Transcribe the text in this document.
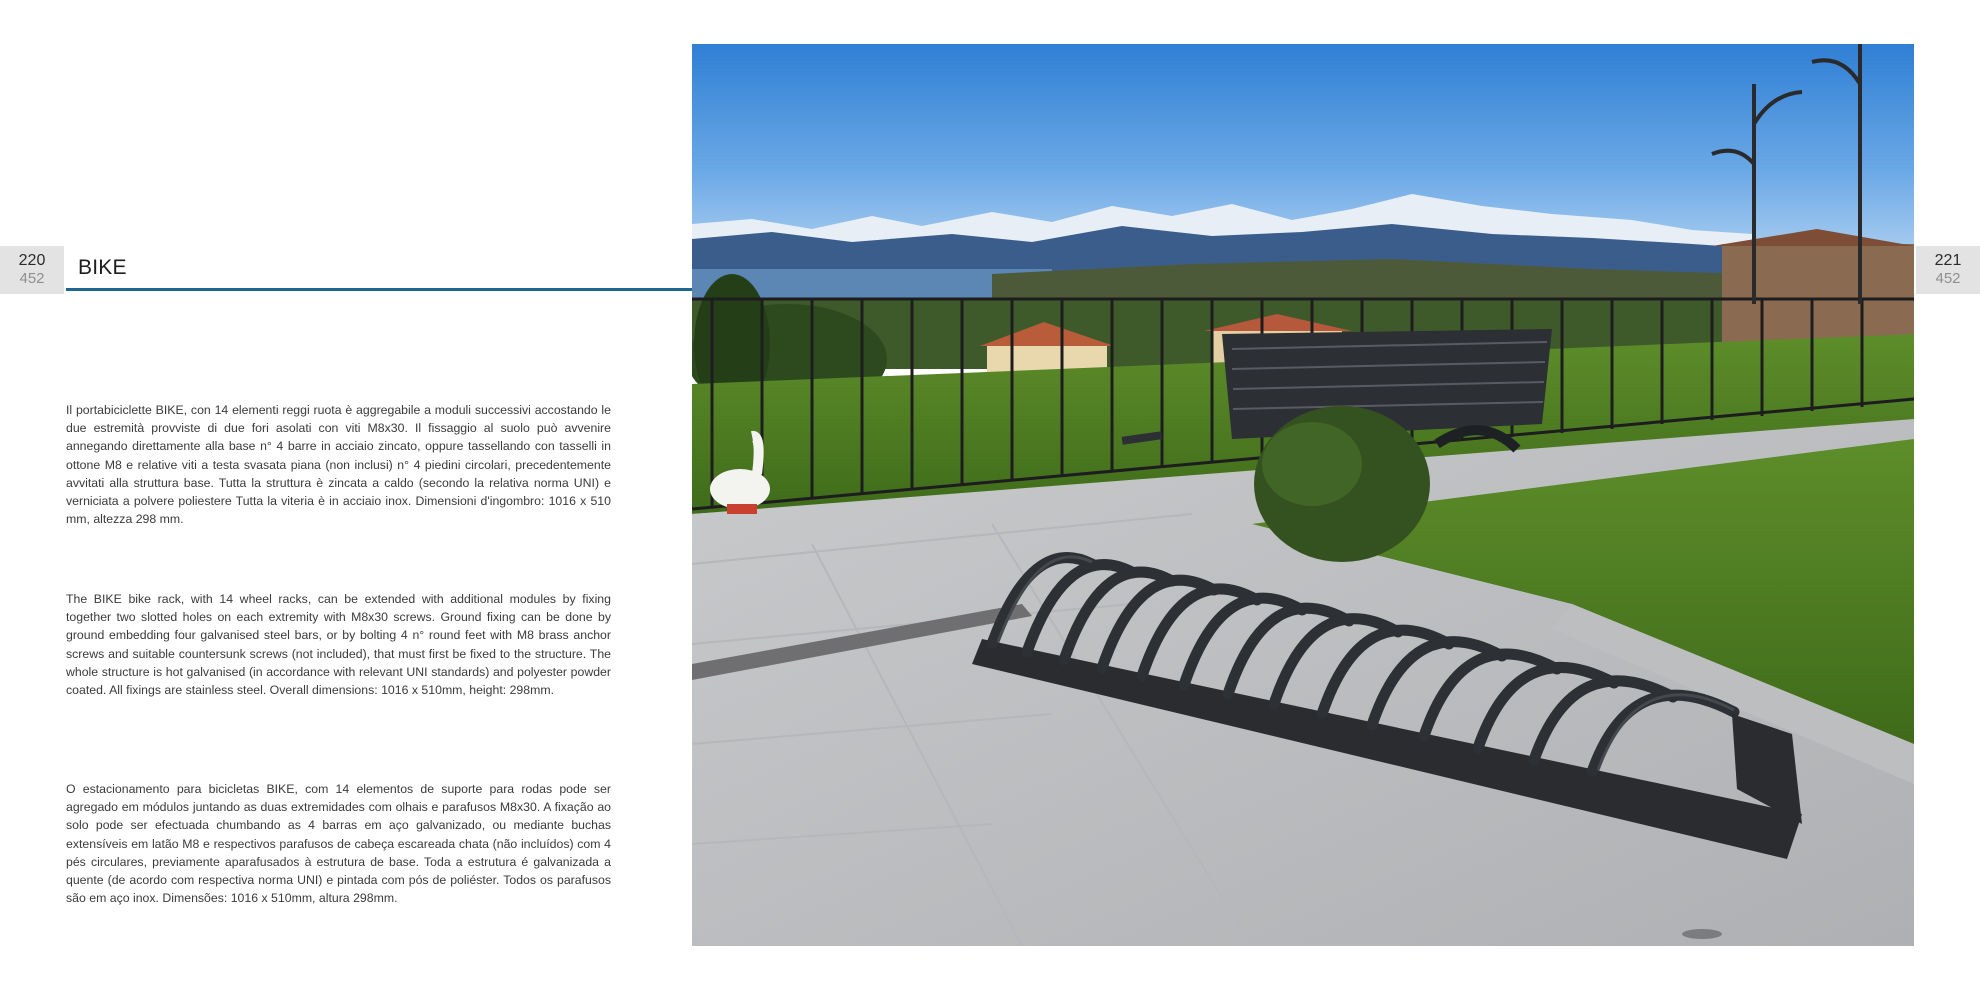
220
452 BIKE
Il portabiciclette BIKE, con 14 elementi reggi ruota è aggregabile a moduli successivi accostando le due estremità provviste di due fori asolati con viti M8x30. Il fissaggio al suolo può avvenire annegando direttamente alla base n° 4 barre in acciaio zincato, oppure tassellando con tasselli in ottone M8 e relative viti a testa svasata piana (non inclusi) n° 4 piedini circolari, precedentemente avvitati alla struttura base. Tutta la struttura è zincata a caldo (secondo la relativa norma UNI) e verniciata a polvere poliestere Tutta la viteria è in acciaio inox. Dimensioni d'ingombro: 1016 x 510 mm, altezza 298 mm.
The BIKE bike rack, with 14 wheel racks, can be extended with additional modules by fixing together two slotted holes on each extremity with M8x30 screws. Ground fixing can be done by ground embedding four galvanised steel bars, or by bolting 4 n° round feet with M8 brass anchor screws and suitable countersunk screws (not included), that must first be fixed to the structure. The whole structure is hot galvanised (in accordance with relevant UNI standards) and polyester powder coated. All fixings are stainless steel. Overall dimensions: 1016 x 510mm, height: 298mm.
O estacionamento para bicicletas BIKE, com 14 elementos de suporte para rodas pode ser agregado em módulos juntando as duas extremidades com olhais e parafusos M8x30. A fixação ao solo pode ser efectuada chumbando as 4 barras em aço galvanizado, ou mediante buchas extensíveis em latão M8 e respectivos parafusos de cabeça escareada chata (não incluídos) com 4 pés circulares, previamente aparafusados à estrutura de base. Toda a estrutura é galvanizada a quente (de acordo com respectiva norma UNI) e pintada com pós de poliéster. Todos os parafusos são em aço inox. Dimensões: 1016 x 510mm, altura 298mm.
221
452
